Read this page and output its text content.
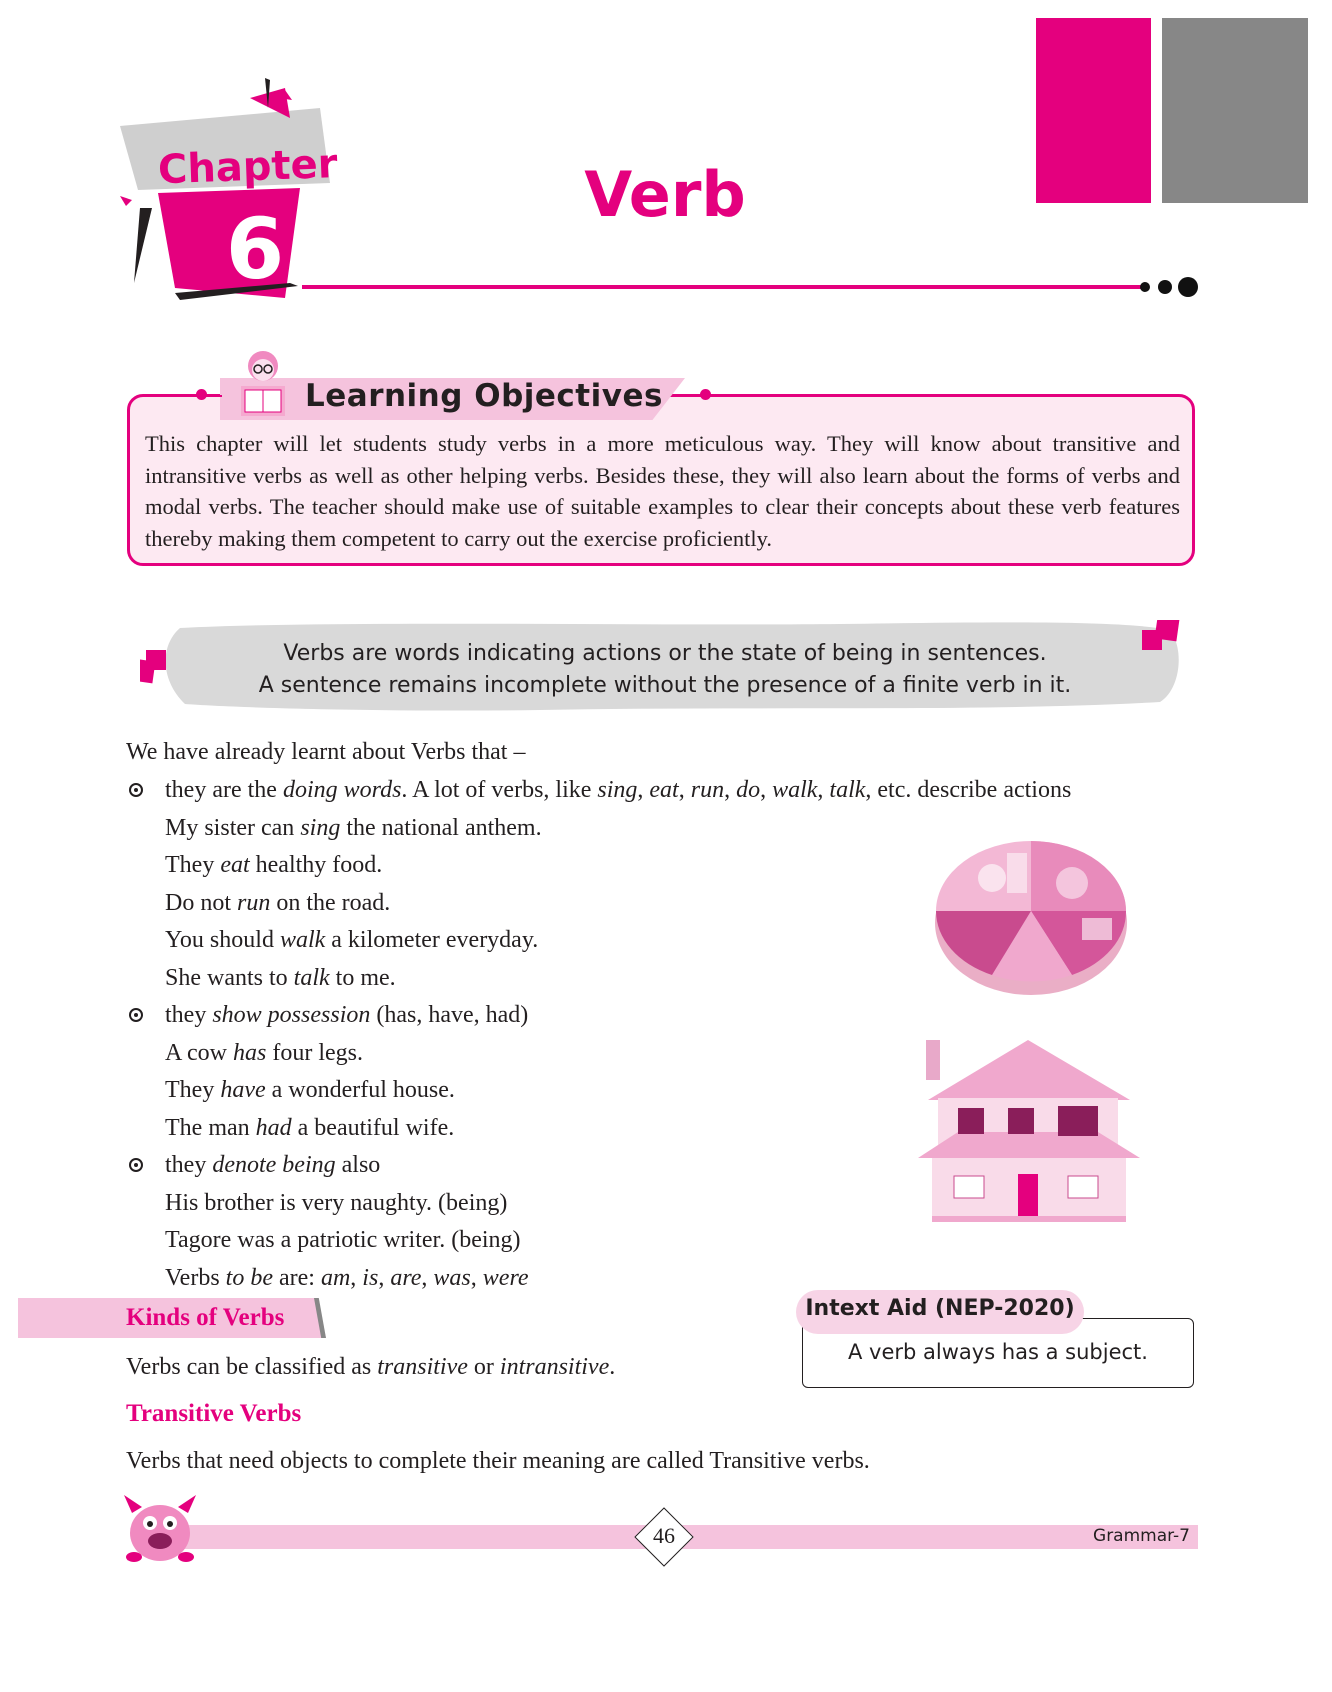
Chapter
6
Verb
Learning Objectives
This chapter will let students study verbs in a more meticulous way. They will know about transitive and intransitive verbs as well as other helping verbs. Besides these, they will also learn about the forms of verbs and modal verbs. The teacher should make use of suitable examples to clear their concepts about these verb features thereby making them competent to carry out the exercise proficiently.
Verbs are words indicating actions or the state of being in sentences.
A sentence remains incomplete without the presence of a finite verb in it.
We have already learnt about Verbs that –
they are the doing words. A lot of verbs, like sing, eat, run, do, walk, talk, etc. describe actions
My sister can sing the national anthem.
They eat healthy food.
Do not run on the road.
You should walk a kilometer everyday.
She wants to talk to me.
they show possession (has, have, had)
A cow has four legs.
They have a wonderful house.
The man had a beautiful wife.
they denote being also
His brother is very naughty. (being)
Tagore was a patriotic writer. (being)
Verbs to be are: am, is, are, was, were
Kinds of Verbs
Verbs can be classified as transitive or intransitive.
Transitive Verbs
Verbs that need objects to complete their meaning are called Transitive verbs.
Intext Aid (NEP-2020)
A verb always has a subject.
46	Grammar-7
